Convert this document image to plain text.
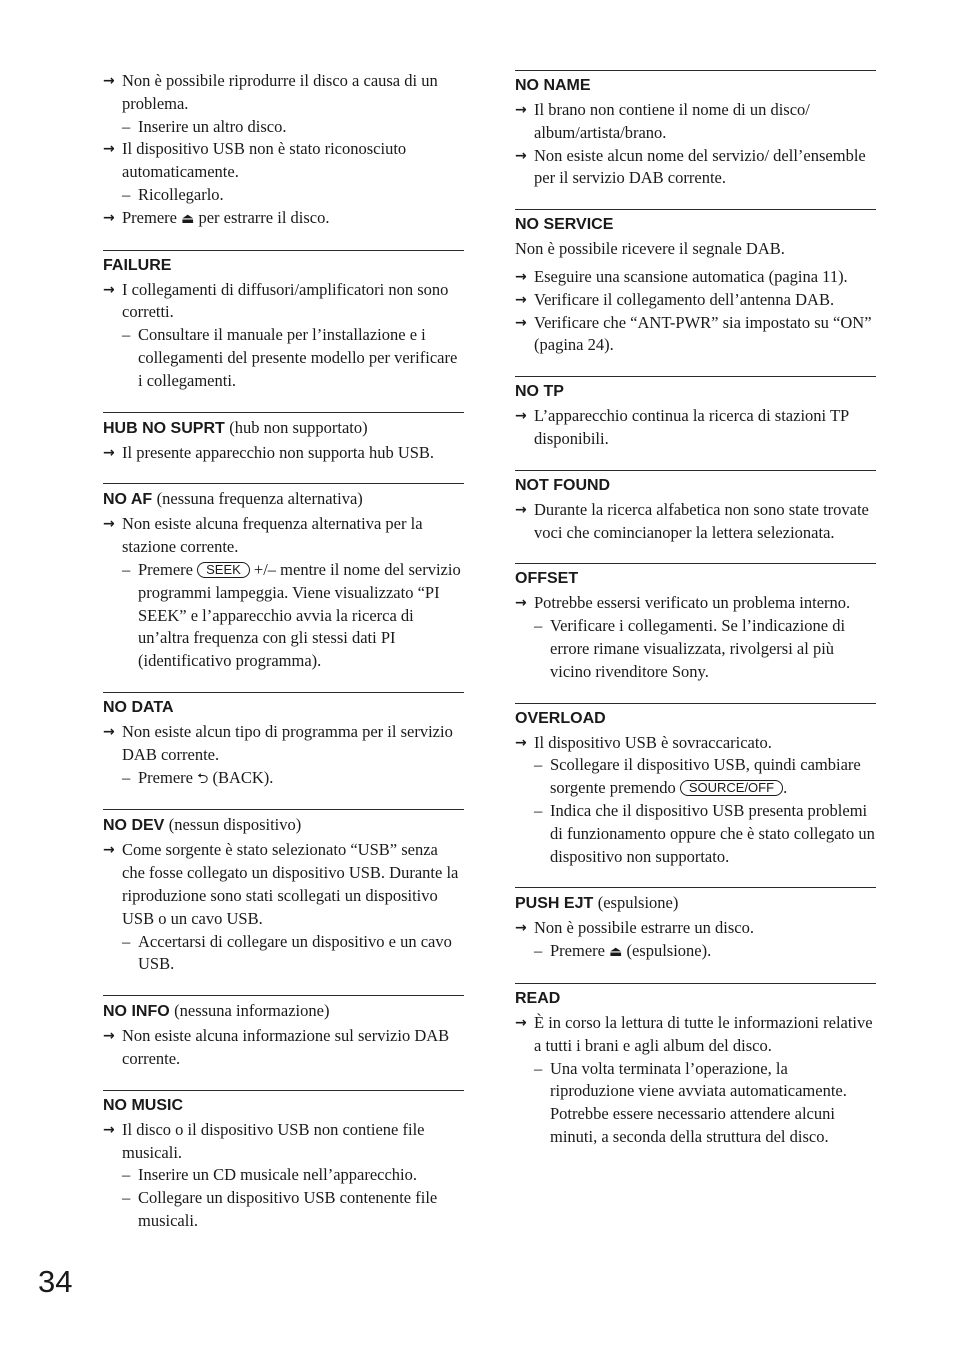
→ Non è possibile riprodurre il disco a causa di un problema.
– Inserire un altro disco.
→ Il dispositivo USB non è stato riconosciuto automaticamente.
– Ricollegarlo.
→ Premere ⏏ per estrarre il disco.
FAILURE
→ I collegamenti di diffusori/amplificatori non sono corretti.
– Consultare il manuale per l’installazione e i collegamenti del presente modello per verificare i collegamenti.
HUB NO SUPRT (hub non supportato)
→ Il presente apparecchio non supporta hub USB.
NO AF (nessuna frequenza alternativa)
→ Non esiste alcuna frequenza alternativa per la stazione corrente.
– Premere SEEK +/– mentre il nome del servizio programmi lampeggia. Viene visualizzato “PI SEEK” e l’apparecchio avvia la ricerca di un’altra frequenza con gli stessi dati PI (identificativo programma).
NO DATA
→ Non esiste alcun tipo di programma per il servizio DAB corrente.
– Premere ⮌ (BACK).
NO DEV (nessun dispositivo)
→ Come sorgente è stato selezionato “USB” senza che fosse collegato un dispositivo USB. Durante la riproduzione sono stati scollegati un dispositivo USB o un cavo USB.
– Accertarsi di collegare un dispositivo e un cavo USB.
NO INFO (nessuna informazione)
→ Non esiste alcuna informazione sul servizio DAB corrente.
NO MUSIC
→ Il disco o il dispositivo USB non contiene file musicali.
– Inserire un CD musicale nell’apparecchio.
– Collegare un dispositivo USB contenente file musicali.
NO NAME
→ Il brano non contiene il nome di un disco/ album/artista/brano.
→ Non esiste alcun nome del servizio/ dell’ensemble per il servizio DAB corrente.
NO SERVICE

Non è possibile ricevere il segnale DAB.

→ Eseguire una scansione automatica (pagina 11).
→ Verificare il collegamento dell’antenna DAB.
→ Verificare che “ANT-PWR” sia impostato su “ON” (pagina 24).
NO TP
→ L’apparecchio continua la ricerca di stazioni TP disponibili.
NOT FOUND
→ Durante la ricerca alfabetica non sono state trovate voci che comincianoper la lettera selezionata.
OFFSET
→ Potrebbe essersi verificato un problema interno.
– Verificare i collegamenti. Se l’indicazione di errore rimane visualizzata, rivolgersi al più vicino rivenditore Sony.
OVERLOAD
→ Il dispositivo USB è sovraccaricato.
– Scollegare il dispositivo USB, quindi cambiare sorgente premendo SOURCE/OFF .
– Indica che il dispositivo USB presenta problemi di funzionamento oppure che è stato collegato un dispositivo non supportato.
PUSH EJT (espulsione)
→ Non è possibile estrarre un disco.
– Premere ⏏ (espulsione).
READ
→ È in corso la lettura di tutte le informazioni relative a tutti i brani e agli album del disco.
– Una volta terminata l’operazione, la riproduzione viene avviata automaticamente. Potrebbe essere necessario attendere alcuni minuti, a seconda della struttura del disco.
34
